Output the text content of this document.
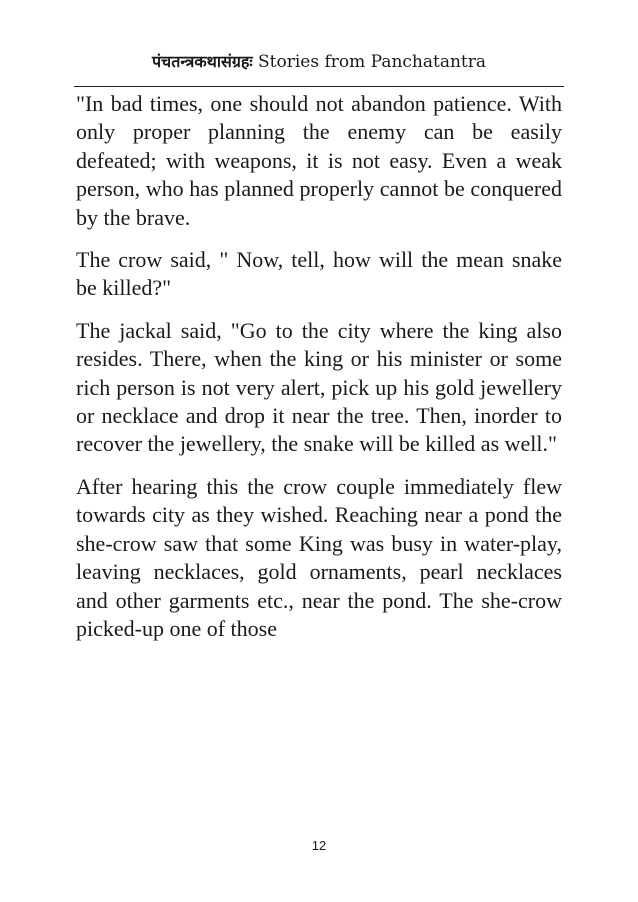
पंचतन्त्रकथासंग्रहः Stories from Panchatantra

"In bad times, one should not abandon patience. With only proper planning the enemy can be easily defeated; with weapons, it is not easy. Even a weak person, who has planned properly cannot be conquered by the brave.

The crow said, " Now, tell, how will the mean snake be killed?"

The jackal said, "Go to the city where the king also resides. There, when the king or his minister or some rich person is not very alert, pick up his gold jewellery or necklace and drop it near the tree. Then, inorder to recover the jewellery, the snake will be killed as well."

After hearing this the crow couple immediately flew towards city as they wished. Reaching near a pond the she-crow saw that some King was busy in water-play, leaving necklaces, gold ornaments, pearl necklaces and other garments etc., near the pond. The she-crow picked-up one of those

12
